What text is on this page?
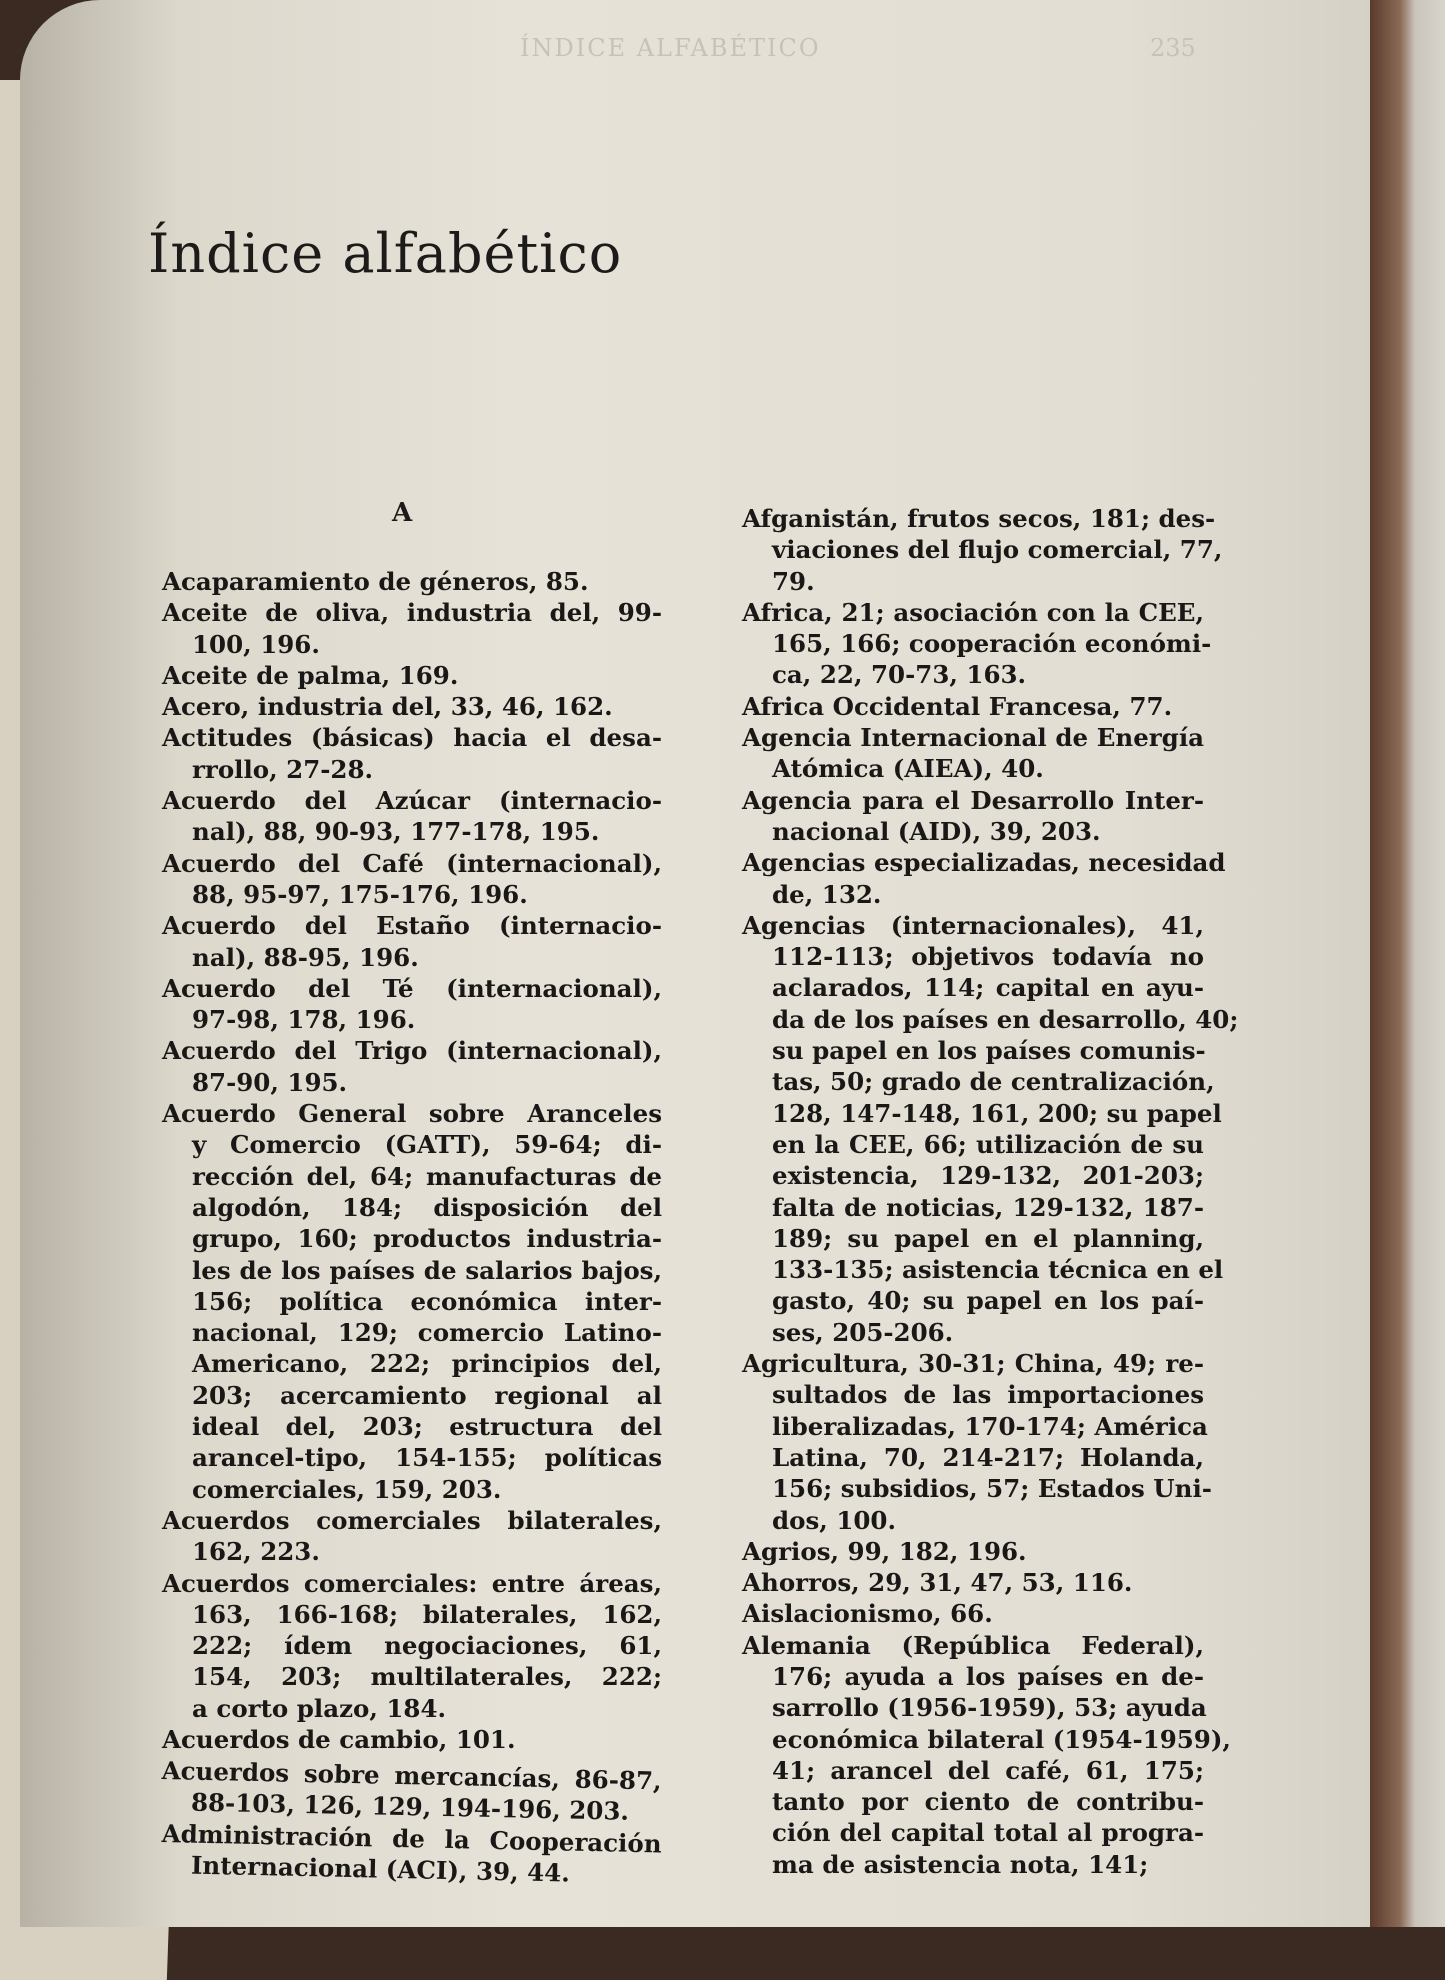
ÍNDICE ALFABÉTICO	235
Índice alfabético
A
Acaparamiento de géneros, 85.
Aceite de oliva, industria del, 99-
100, 196.
Aceite de palma, 169.
Acero, industria del, 33, 46, 162.
Actitudes (básicas) hacia el desa-
rrollo, 27-28.
Acuerdo del Azúcar (internacio-
nal), 88, 90-93, 177-178, 195.
Acuerdo del Café (internacional),
88, 95-97, 175-176, 196.
Acuerdo del Estaño (internacio-
nal), 88-95, 196.
Acuerdo del Té (internacional),
97-98, 178, 196.
Acuerdo del Trigo (internacional),
87-90, 195.
Acuerdo General sobre Aranceles
y Comercio (GATT), 59-64; di-
rección del, 64; manufacturas de
algodón, 184; disposición del
grupo, 160; productos industria-
les de los países de salarios bajos,
156; política económica inter-
nacional, 129; comercio Latino-
Americano, 222; principios del,
203; acercamiento regional al
ideal del, 203; estructura del
arancel-tipo, 154-155; políticas
comerciales, 159, 203.
Acuerdos comerciales bilaterales,
162, 223.
Acuerdos comerciales: entre áreas,
163, 166-168; bilaterales, 162,
222; ídem negociaciones, 61,
154, 203; multilaterales, 222;
a corto plazo, 184.
Acuerdos de cambio, 101.
Acuerdos sobre mercancías, 86-87,
88-103, 126, 129, 194-196, 203.
Administración de la Cooperación
Internacional (ACI), 39, 44.
Afganistán, frutos secos, 181; des-
viaciones del flujo comercial, 77,
79.
Africa, 21; asociación con la CEE,
165, 166; cooperación económi-
ca, 22, 70-73, 163.
Africa Occidental Francesa, 77.
Agencia Internacional de Energía
Atómica (AIEA), 40.
Agencia para el Desarrollo Inter-
nacional (AID), 39, 203.
Agencias especializadas, necesidad
de, 132.
Agencias (internacionales), 41,
112-113; objetivos todavía no
aclarados, 114; capital en ayu-
da de los países en desarrollo, 40;
su papel en los países comunis-
tas, 50; grado de centralización,
128, 147-148, 161, 200; su papel
en la CEE, 66; utilización de su
existencia, 129-132, 201-203;
falta de noticias, 129-132, 187-
189; su papel en el planning,
133-135; asistencia técnica en el
gasto, 40; su papel en los paí-
ses, 205-206.
Agricultura, 30-31; China, 49; re-
sultados de las importaciones
liberalizadas, 170-174; América
Latina, 70, 214-217; Holanda,
156; subsidios, 57; Estados Uni-
dos, 100.
Agrios, 99, 182, 196.
Ahorros, 29, 31, 47, 53, 116.
Aislacionismo, 66.
Alemania (República Federal),
176; ayuda a los países en de-
sarrollo (1956-1959), 53; ayuda
económica bilateral (1954-1959),
41; arancel del café, 61, 175;
tanto por ciento de contribu-
ción del capital total al progra-
ma de asistencia nota, 141;
